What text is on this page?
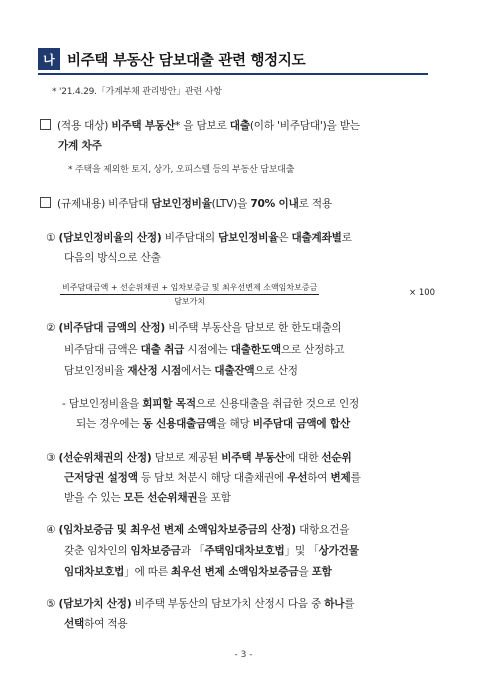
나 비주택 부동산 담보대출 관련 행정지도
* '21.4.29.「가계부채 관리방안」관련 사항
(적용 대상) 비주택 부동산* 을 담보로 대출(이하 '비주담대')을 받는
가계 차주
* 주택을 제외한 토지, 상가, 오피스텔 등의 부동산 담보대출
(규제내용) 비주담대 담보인정비율(LTV)을 70% 이내로 적용
① (담보인정비율의 산정) 비주담대의 담보인정비율은 대출계좌별로
다음의 방식으로 산출
비주담대금액 + 선순위채권 + 임차보증금 및 최우선변제 소액임차보증금
담보가치
× 100
② (비주담대 금액의 산정) 비주택 부동산을 담보로 한 한도대출의
비주담대 금액은 대출 취급 시점에는 대출한도액으로 산정하고
담보인정비율 재산정 시점에서는 대출잔액으로 산정
- 담보인정비율을 회피할 목적으로 신용대출을 취급한 것으로 인정
되는 경우에는 동 신용대출금액을 해당 비주담대 금액에 합산
③ (선순위채권의 산정) 담보로 제공된 비주택 부동산에 대한 선순위
근저당권 설정액 등 담보 처분시 해당 대출채권에 우선하여 변제를
받을 수 있는 모든 선순위채권을 포함
④ (임차보증금 및 최우선 변제 소액임차보증금의 산정) 대항요건을
갖춘 임차인의 임차보증금과 「주택임대차보호법」및 「상가건물
임대차보호법」에 따른 최우선 변제 소액임차보증금을 포함
⑤ (담보가치 산정) 비주택 부동산의 담보가치 산정시 다음 중 하나를
선택하여 적용
- 3 -
